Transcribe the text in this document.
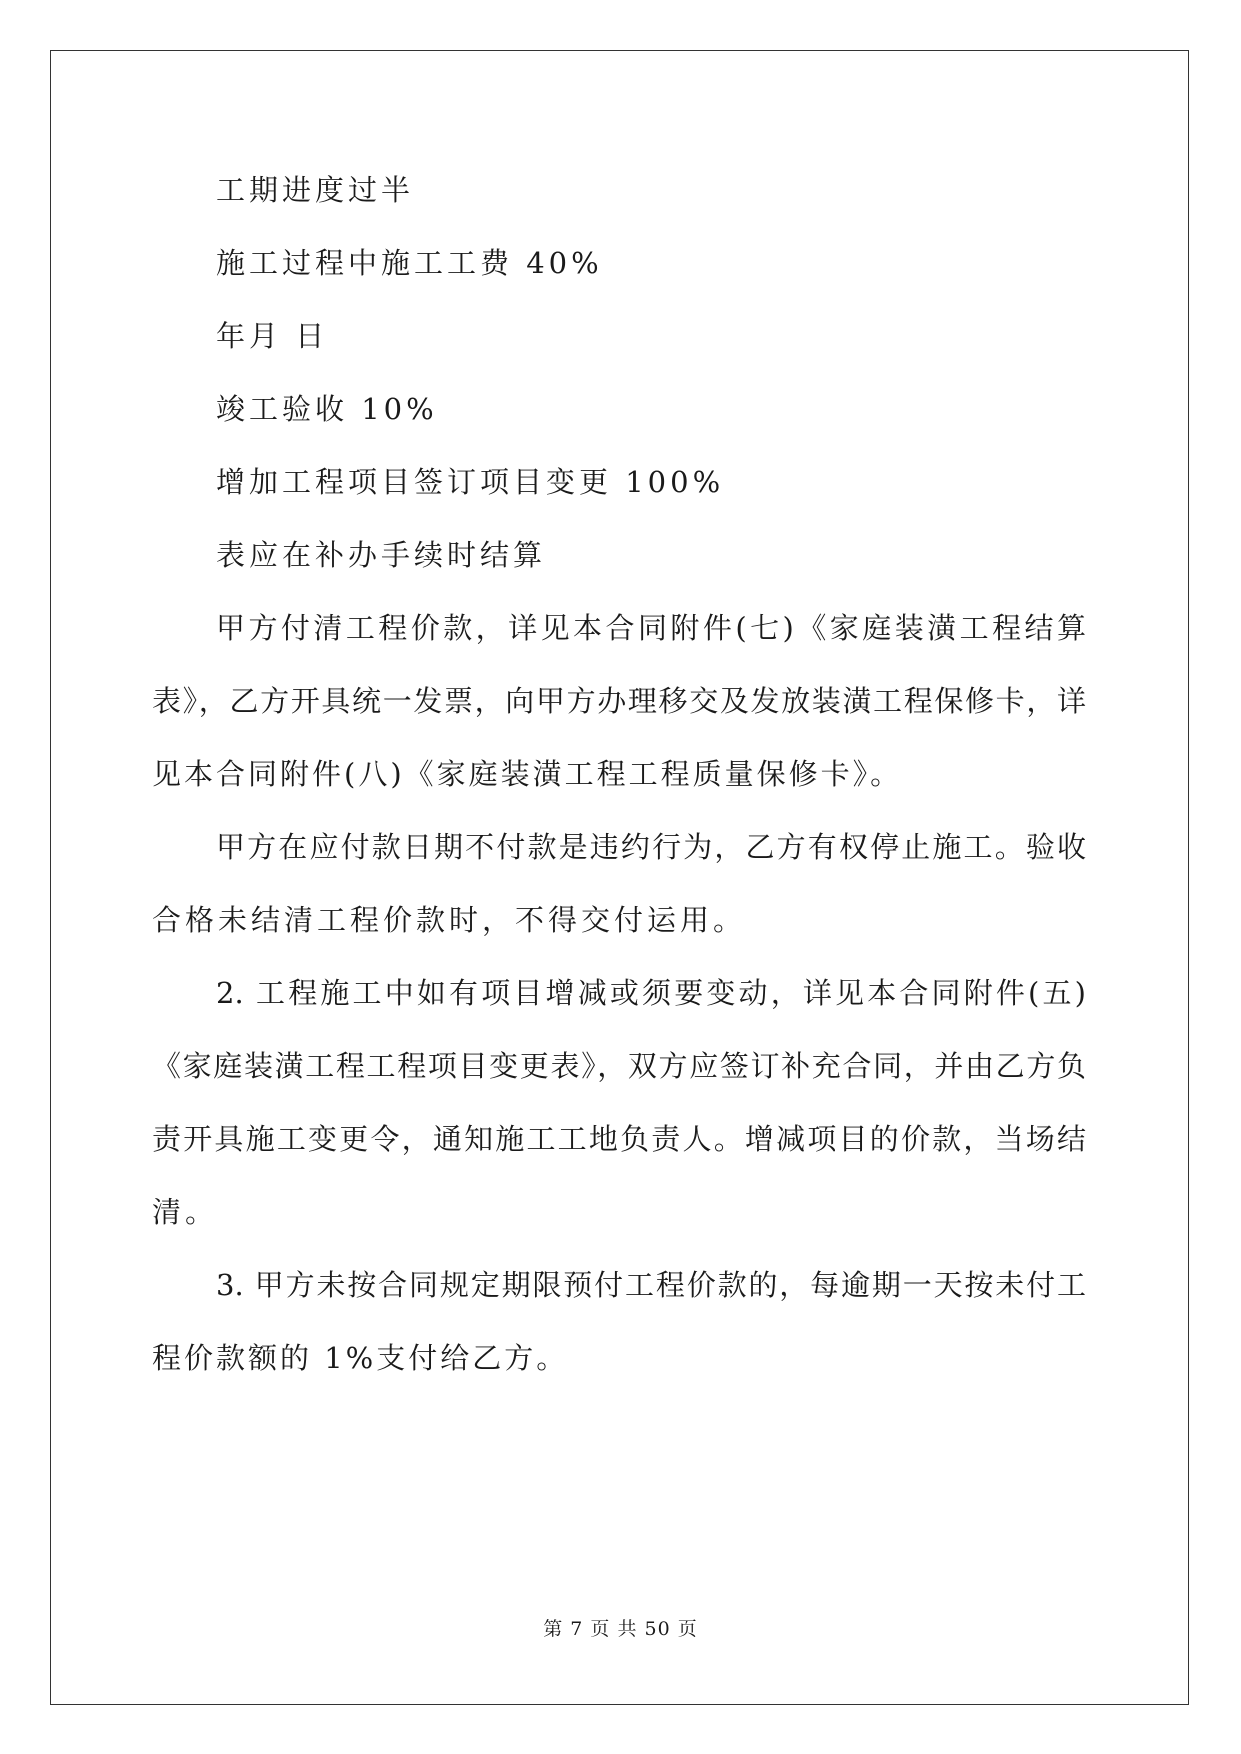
工期进度过半
施工过程中施工工费 40%
年月 日
竣工验收 10%
增加工程项目签订项目变更 100%
表应在补办手续时结算
甲方付清工程价款，详见本合同附件(七)《家庭装潢工程结算
表》，乙方开具统一发票，向甲方办理移交及发放装潢工程保修卡，详
见本合同附件(八)《家庭装潢工程工程质量保修卡》。
甲方在应付款日期不付款是违约行为，乙方有权停止施工。验收
合格未结清工程价款时，不得交付运用。
2. 工程施工中如有项目增减或须要变动，详见本合同附件(五)
《家庭装潢工程工程项目变更表》，双方应签订补充合同，并由乙方负
责开具施工变更令，通知施工工地负责人。增减项目的价款，当场结
清。
3. 甲方未按合同规定期限预付工程价款的，每逾期一天按未付工
程价款额的 1%支付给乙方。
第 7 页 共 50 页
